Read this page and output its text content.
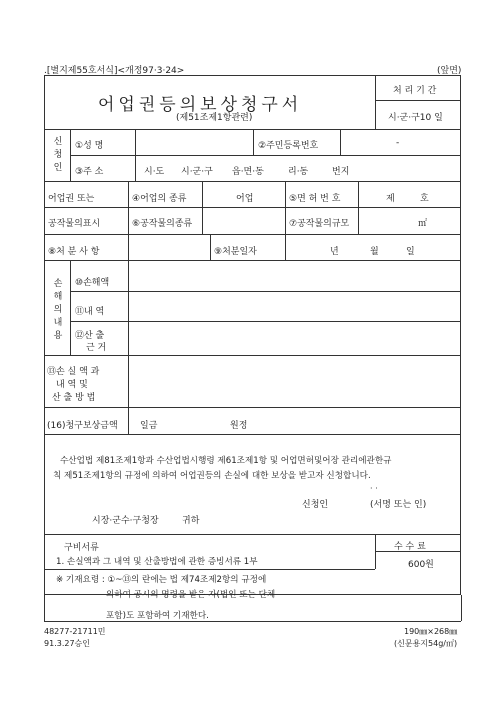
.[별지제55호서식]<개정97·3·24>	(앞면)
어업권등의보상청구서
(제51조제1항관련)
처 리 기 간
시·군·구10 일
신
청
인
①성 명	②주민등록번호	-
③주 소	시·도 시·군·구 읍·면·동	리·동	번지
어업권 또는	④어업의 종류	어업	⑤면 허 번 호	제	호
공작물의표시	⑥공작물의종류	⑦공작물의규모	㎡
⑧처 분 사 항	⑨처분일자	년	월	일
손
해
의
내
용
⑩손해액
⑪내 역
⑫산 출
근 거
⑬손 실 액 과
내 역 및
산 출 방 법
(16)청구보상금액 일금	원정
수산업법 제81조제1항과 수산업법시행령 제61조제1항 및 어업면허및어장 관리에관한규
칙 제51조제1항의 규정에 의하여 어업권등의 손실에 대한 보상을 받고자 신청합니다.
· ·
신청인	(서명 또는 인)
시장·군수·구청장	귀하
구비서류	수 수 료
600원
1. 손실액과 그 내역 및 산출방법에 관한 증빙서류 1부
※ 기재요령 : ①~⑬의 란에는 법 제74조제2항의 규정에
의하여 공시의 명령을 받은 자(법인 또는 단체
포함)도 포함하여 기재한다.
48277-21711민
91.3.27승인
190㎜×268㎜
(신문용지54g/㎡)
